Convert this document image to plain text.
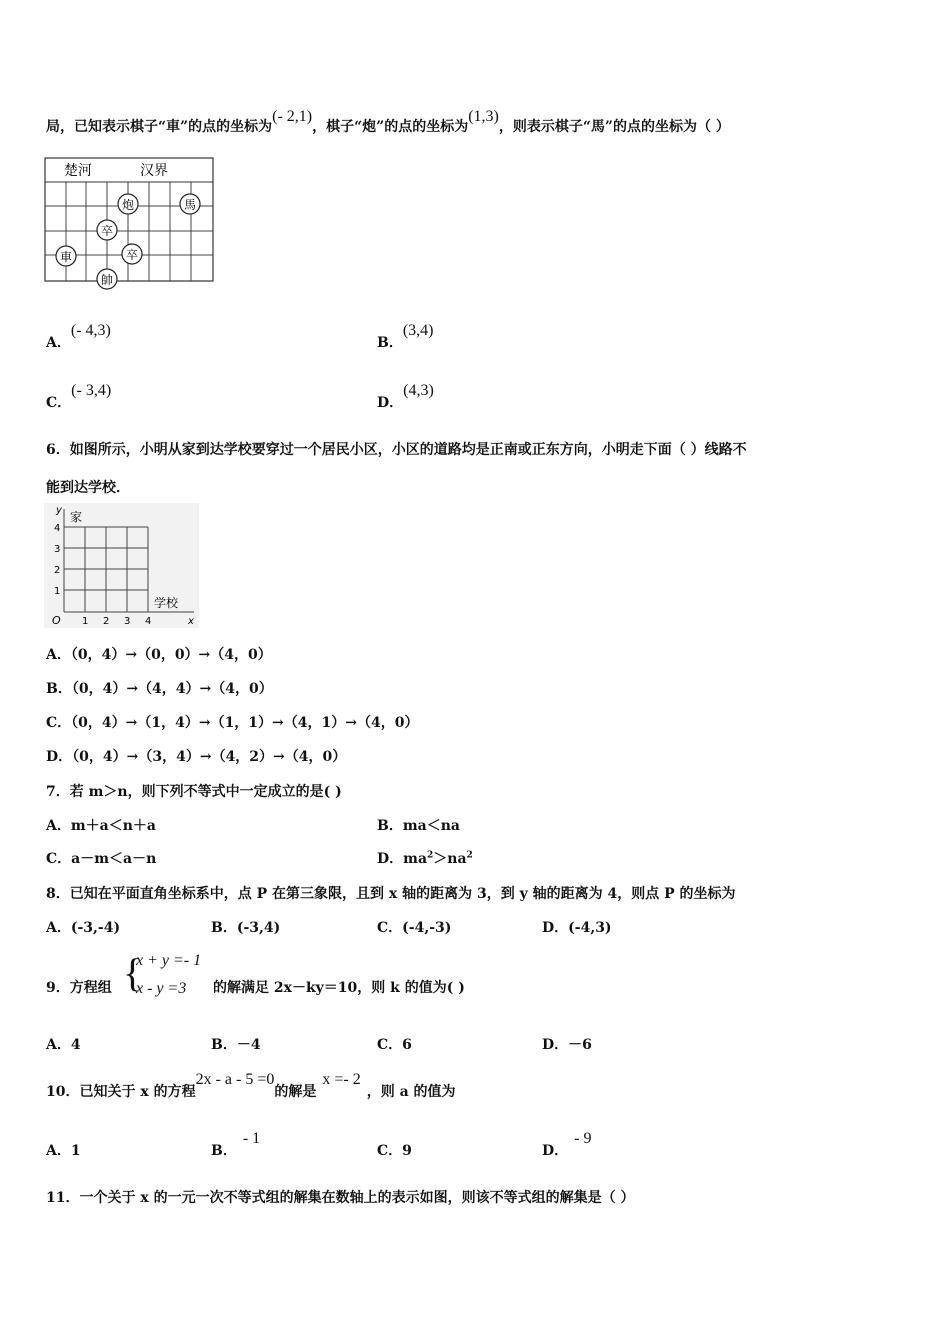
局，已知表示棋子“車”的点的坐标为(- 2,1)，棋子“炮”的点的坐标为(1,3)，则表示棋子“馬”的点的坐标为（ ）
楚河	汉界
炮	馬
卒
卒
車
帥
A．(- 4,3)
B．(3,4)
C．(- 3,4)
D．(4,3)
6．如图所示，小明从家到达学校要穿过一个居民小区，小区的道路均是正南或正东方向，小明走下面（ ）线路不
能到达学校．
y 家
学校
O	x
1 2 3 4
1
2
3
4
A．（0，4）→（0，0）→（4，0）
B．（0，4）→（4，4）→（4，0）
C．（0，4）→（1，4）→（1，1）→（4，1）→（4，0）
D．（0，4）→（3，4）→（4，2）→（4，0）
7．若 m＞n，则下列不等式中一定成立的是( )
A．m＋a＜n＋a	B．ma＜na
C．a－m＜a－n	D．$ma^2>na^2$
8．已知在平面直角坐标系中，点 P 在第三象限，且到 x 轴的距离为 3，到 y 轴的距离为 4，则点 P 的坐标为
A．(-3,-4)	B．(-3,4)	C．(-4,-3)	D．(-4,3)
9．方程组 {
x + y =- 1
x - y =3 的解满足 2x－ky＝10，则 k 的值为( )
A．4	B．－4	C．6	D．－6
10．已知关于 x 的方程2x - a - 5 =0的解是x =- 2，则 a 的值为
A．1	B．- 1
C．9	D．- 9
11．一个关于 x 的一元一次不等式组的解集在数轴上的表示如图，则该不等式组的解集是（ ）
